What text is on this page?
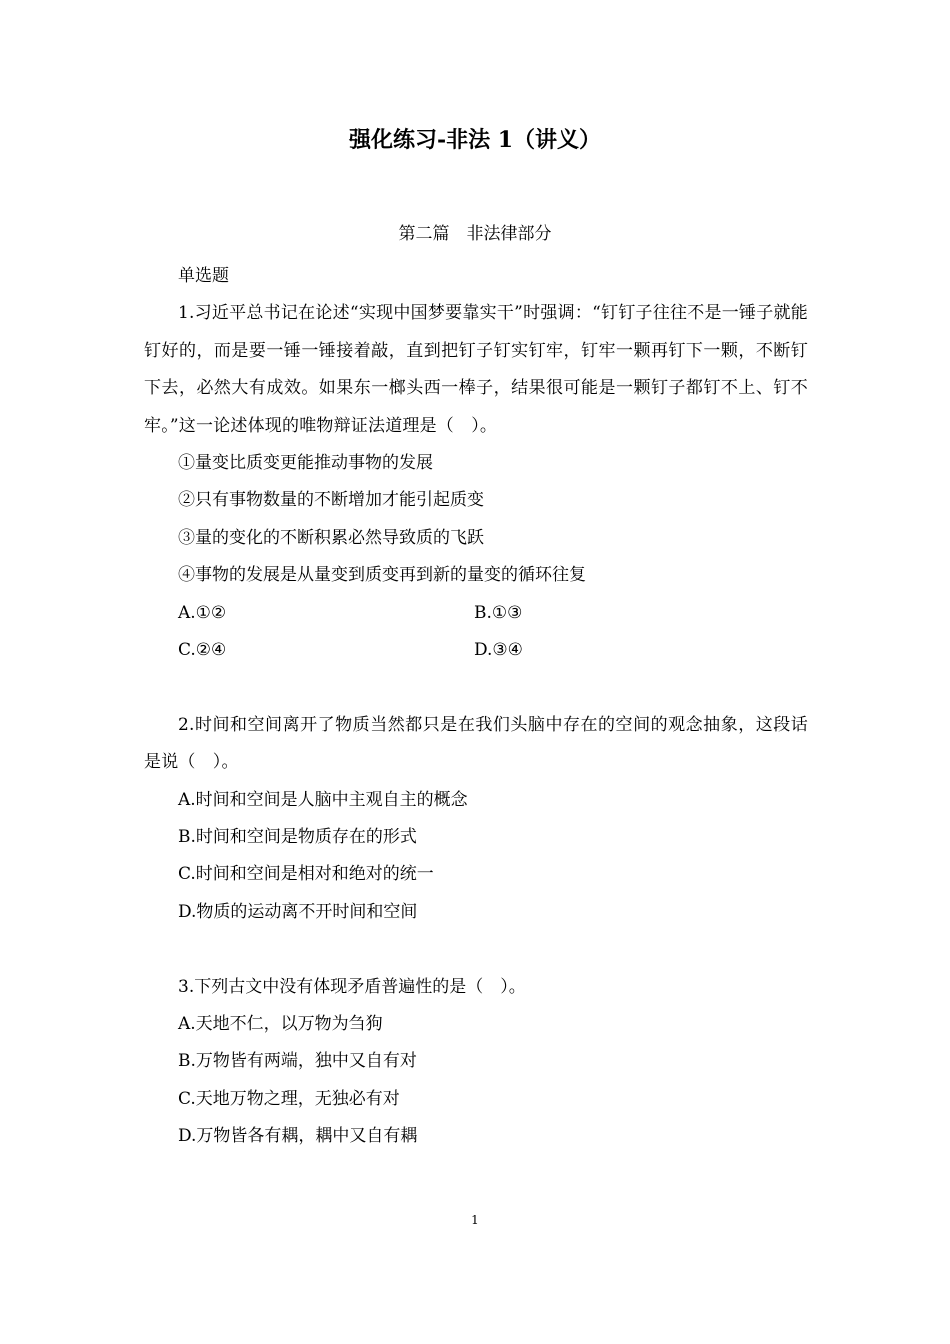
强化练习-非法 1（讲义）
第二篇　非法律部分
单选题
1.习近平总书记在论述“实现中国梦要靠实干”时强调：“钉钉子往往不是一锤子就能钉好的，而是要一锤一锤接着敲，直到把钉子钉实钉牢，钉牢一颗再钉下一颗，不断钉下去，必然大有成效。如果东一榔头西一棒子，结果很可能是一颗钉子都钉不上、钉不牢。”这一论述体现的唯物辩证法道理是（　）。
①量变比质变更能推动事物的发展
②只有事物数量的不断增加才能引起质变
③量的变化的不断积累必然导致质的飞跃
④事物的发展是从量变到质变再到新的量变的循环往复
A.①②	B.①③
C.②④	D.③④
2.时间和空间离开了物质当然都只是在我们头脑中存在的空间的观念抽象，这段话是说（　）。
A.时间和空间是人脑中主观自主的概念
B.时间和空间是物质存在的形式
C.时间和空间是相对和绝对的统一
D.物质的运动离不开时间和空间
3.下列古文中没有体现矛盾普遍性的是（　）。
A.天地不仁，以万物为刍狗
B.万物皆有两端，独中又自有对
C.天地万物之理，无独必有对
D.万物皆各有耦，耦中又自有耦
1
